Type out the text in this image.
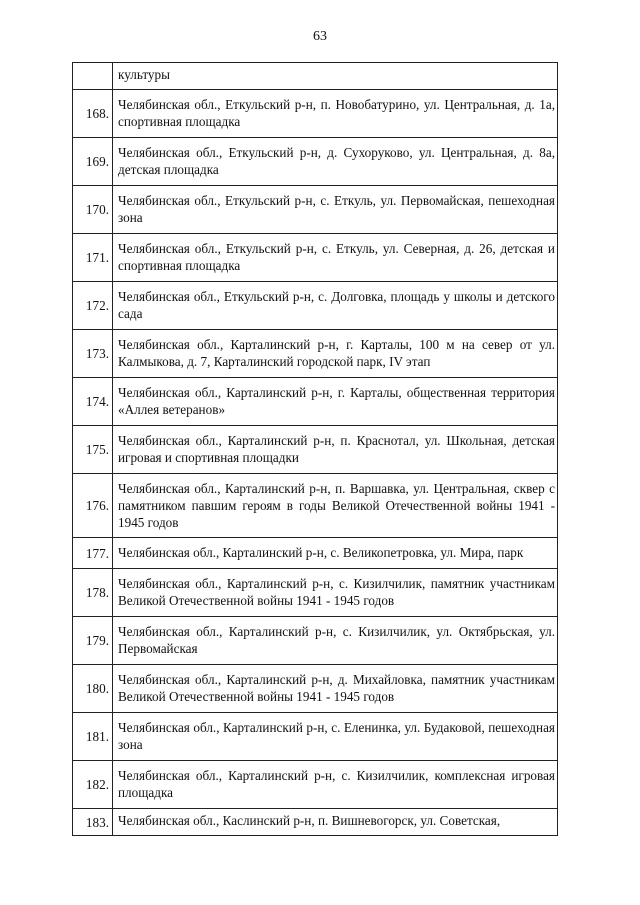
63
	культуры
168.	Челябинская обл., Еткульский р-н, п. Новобатурино, ул. Центральная, д. 1а, спортивная площадка
169.	Челябинская обл., Еткульский р-н, д. Сухоруково, ул. Центральная, д. 8а, детская площадка
170.	Челябинская обл., Еткульский р-н, с. Еткуль, ул. Первомайская, пешеходная зона
171.	Челябинская обл., Еткульский р-н, с. Еткуль, ул. Северная, д. 26, детская и спортивная площадка
172.	Челябинская обл., Еткульский р-н, с. Долговка, площадь у школы и детского сада
173.	Челябинская обл., Карталинский р-н, г. Карталы, 100 м на север от ул. Калмыкова, д. 7, Карталинский городской парк, IV этап
174.	Челябинская обл., Карталинский р-н, г. Карталы, общественная территория «Аллея ветеранов»
175.	Челябинская обл., Карталинский р-н, п. Краснотал, ул. Школьная, детская игровая и спортивная площадки
176.	Челябинская обл., Карталинский р-н, п. Варшавка, ул. Центральная, сквер с памятником павшим героям в годы Великой Отечественной войны 1941 - 1945 годов
177.	Челябинская обл., Карталинский р-н, с. Великопетровка, ул. Мира, парк
178.	Челябинская обл., Карталинский р-н, с. Кизилчилик, памятник участникам Великой Отечественной войны 1941 - 1945 годов
179.	Челябинская обл., Карталинский р-н, с. Кизилчилик, ул. Октябрьская, ул. Первомайская
180.	Челябинская обл., Карталинский р-н, д. Михайловка, памятник участникам Великой Отечественной войны 1941 - 1945 годов
181.	Челябинская обл., Карталинский р-н, с. Еленинка, ул. Будаковой, пешеходная зона
182.	Челябинская обл., Карталинский р-н, с. Кизилчилик, комплексная игровая площадка
183.	Челябинская обл., Каслинский р-н, п. Вишневогорск, ул. Советская,
